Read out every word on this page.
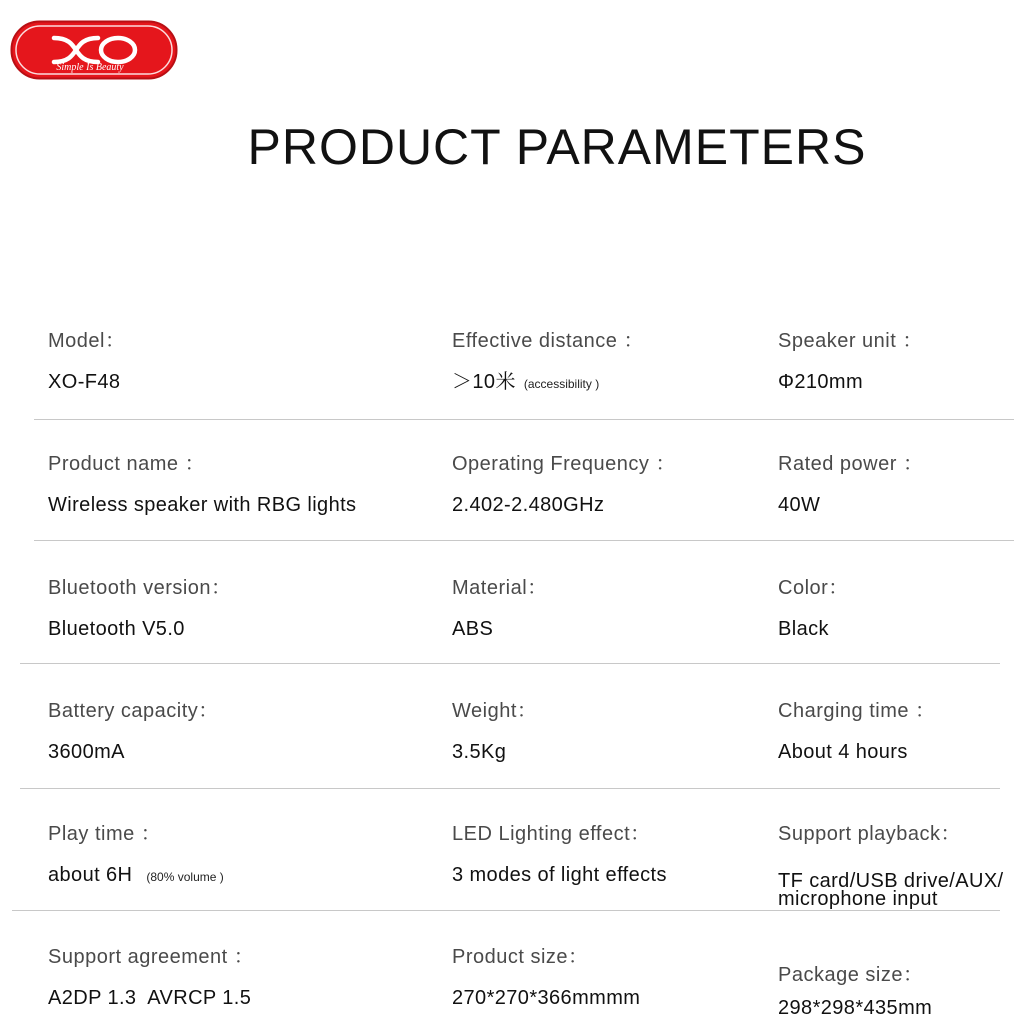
Simple Is Beauty
PRODUCT PARAMETERS
Model：
XO-F48
Effective distance ：
＞10米 (accessibility )
Speaker unit ：
Φ210mm
Product name ：
Wireless speaker with RBG lights
Operating Frequency ：
2.402-2.480GHz
Rated power ：
40W
Bluetooth version：
Bluetooth V5.0
Material：
ABS
Color：
Black
Battery capacity：
3600mA
Weight：
3.5Kg
Charging time ：
About 4 hours
Play time ：
about 6H (80% volume )
LED Lighting effect：
3 modes of light effects
Support playback：
TF card/USB drive/AUX/ microphone input
Support agreement ：
A2DP 1.3  AVRCP 1.5
Product size：
270*270*366mmmm
Package size：
298*298*435mm
